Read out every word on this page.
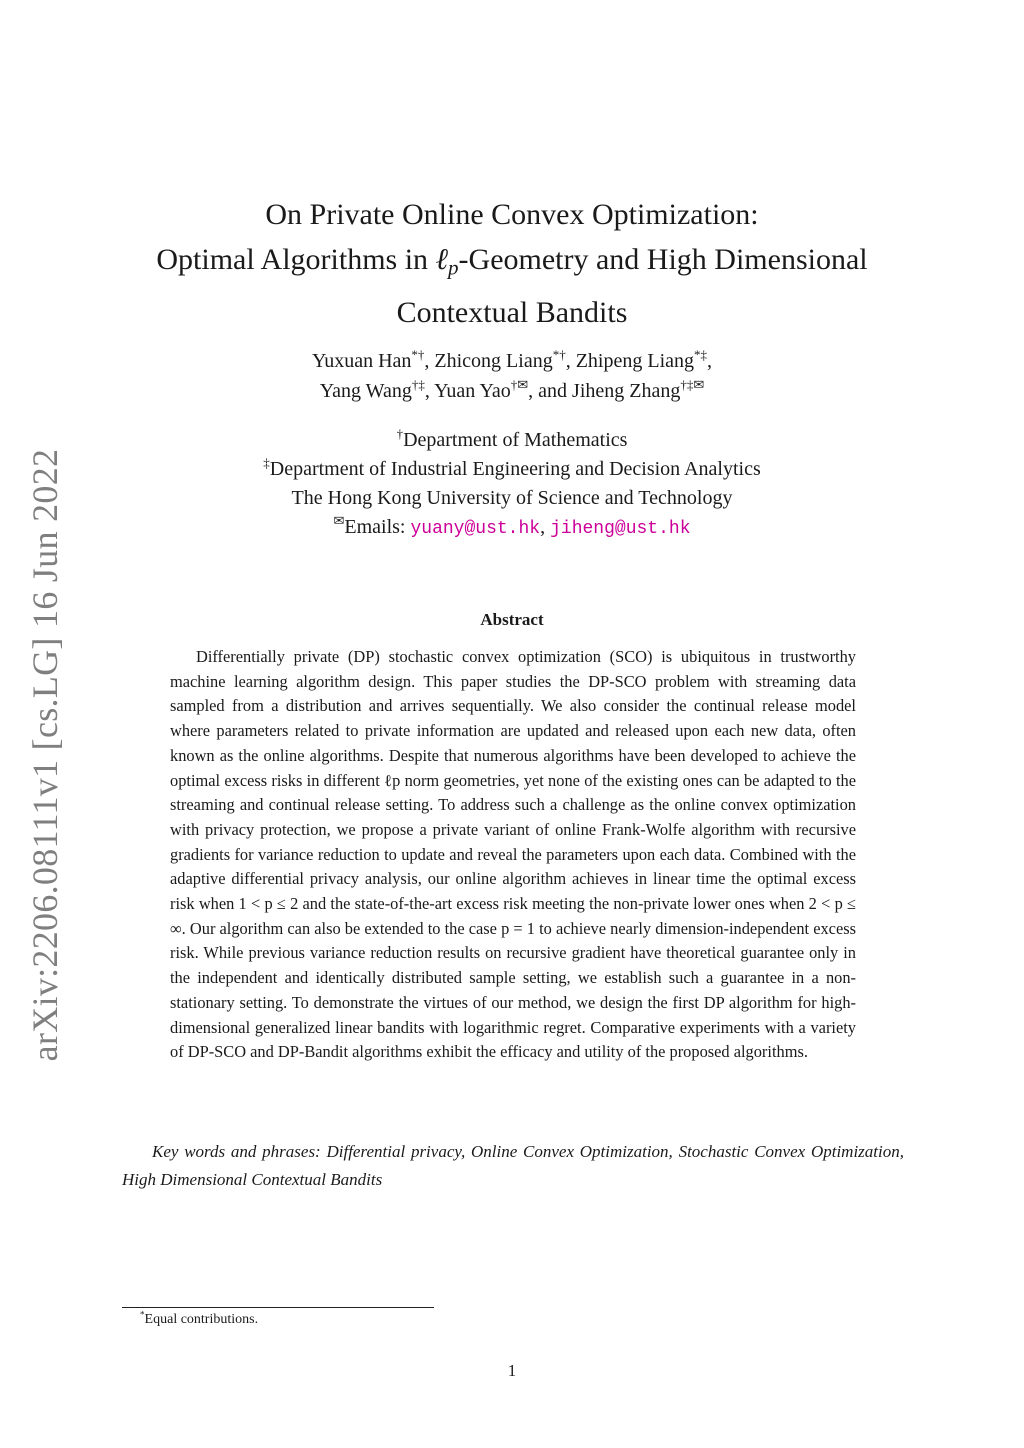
arXiv:2206.08111v1 [cs.LG] 16 Jun 2022
On Private Online Convex Optimization:
Optimal Algorithms in ℓ$_p$-Geometry and High Dimensional
Contextual Bandits
Yuxuan Han*†, Zhicong Liang*†, Zhipeng Liang*‡,
Yang Wang†‡, Yuan Yao†✉, and Jiheng Zhang†‡✉
†Department of Mathematics
‡Department of Industrial Engineering and Decision Analytics
The Hong Kong University of Science and Technology
✉Emails: yuany@ust.hk, jiheng@ust.hk
Abstract
Differentially private (DP) stochastic convex optimization (SCO) is ubiquitous in trustworthy machine learning algorithm design. This paper studies the DP-SCO problem with streaming data sampled from a distribution and arrives sequentially. We also consider the continual release model where parameters related to private information are updated and released upon each new data, often known as the online algorithms. Despite that numerous algorithms have been developed to achieve the optimal excess risks in different ℓp norm geometries, yet none of the existing ones can be adapted to the streaming and continual release setting. To address such a challenge as the online convex optimization with privacy protection, we propose a private variant of online Frank-Wolfe algorithm with recursive gradients for variance reduction to update and reveal the parameters upon each data. Combined with the adaptive differential privacy analysis, our online algorithm achieves in linear time the optimal excess risk when 1 < p ≤ 2 and the state-of-the-art excess risk meeting the non-private lower ones when 2 < p ≤ ∞. Our algorithm can also be extended to the case p = 1 to achieve nearly dimension-independent excess risk. While previous variance reduction results on recursive gradient have theoretical guarantee only in the independent and identically distributed sample setting, we establish such a guarantee in a non-stationary setting. To demonstrate the virtues of our method, we design the first DP algorithm for high-dimensional generalized linear bandits with logarithmic regret. Comparative experiments with a variety of DP-SCO and DP-Bandit algorithms exhibit the efficacy and utility of the proposed algorithms.
Key words and phrases: Differential privacy, Online Convex Optimization, Stochastic Convex Optimization, High Dimensional Contextual Bandits
*Equal contributions.
1
